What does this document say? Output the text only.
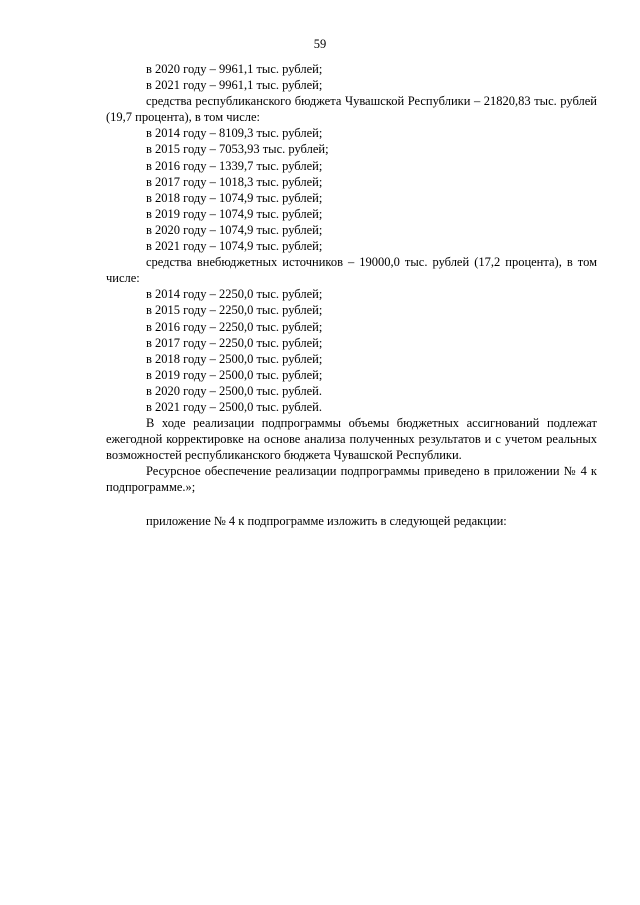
59

в 2020 году – 9961,1 тыс. рублей;

в 2021 году – 9961,1 тыс. рублей;

средства республиканского бюджета Чувашской Республики – 21820,83 тыс. рублей (19,7 процента), в том числе:

в 2014 году – 8109,3 тыс. рублей;

в 2015 году – 7053,93 тыс. рублей;

в 2016 году – 1339,7 тыс. рублей;

в 2017 году – 1018,3 тыс. рублей;

в 2018 году – 1074,9 тыс. рублей;

в 2019 году – 1074,9 тыс. рублей;

в 2020 году – 1074,9 тыс. рублей;

в 2021 году – 1074,9 тыс. рублей;

средства внебюджетных источников – 19000,0 тыс. рублей (17,2 процента), в том числе:

в 2014 году – 2250,0 тыс. рублей;

в 2015 году – 2250,0 тыс. рублей;

в 2016 году – 2250,0 тыс. рублей;

в 2017 году – 2250,0 тыс. рублей;

в 2018 году – 2500,0 тыс. рублей;

в 2019 году – 2500,0 тыс. рублей;

в 2020 году – 2500,0 тыс. рублей.

в 2021 году – 2500,0 тыс. рублей.

В ходе реализации подпрограммы объемы бюджетных ассигнований подлежат ежегодной корректировке на основе анализа полученных результатов и с учетом реальных возможностей республиканского бюджета Чувашской Республики.

Ресурсное обеспечение реализации подпрограммы приведено в приложении № 4 к подпрограмме.»;

приложение № 4 к подпрограмме изложить в следующей редакции:
